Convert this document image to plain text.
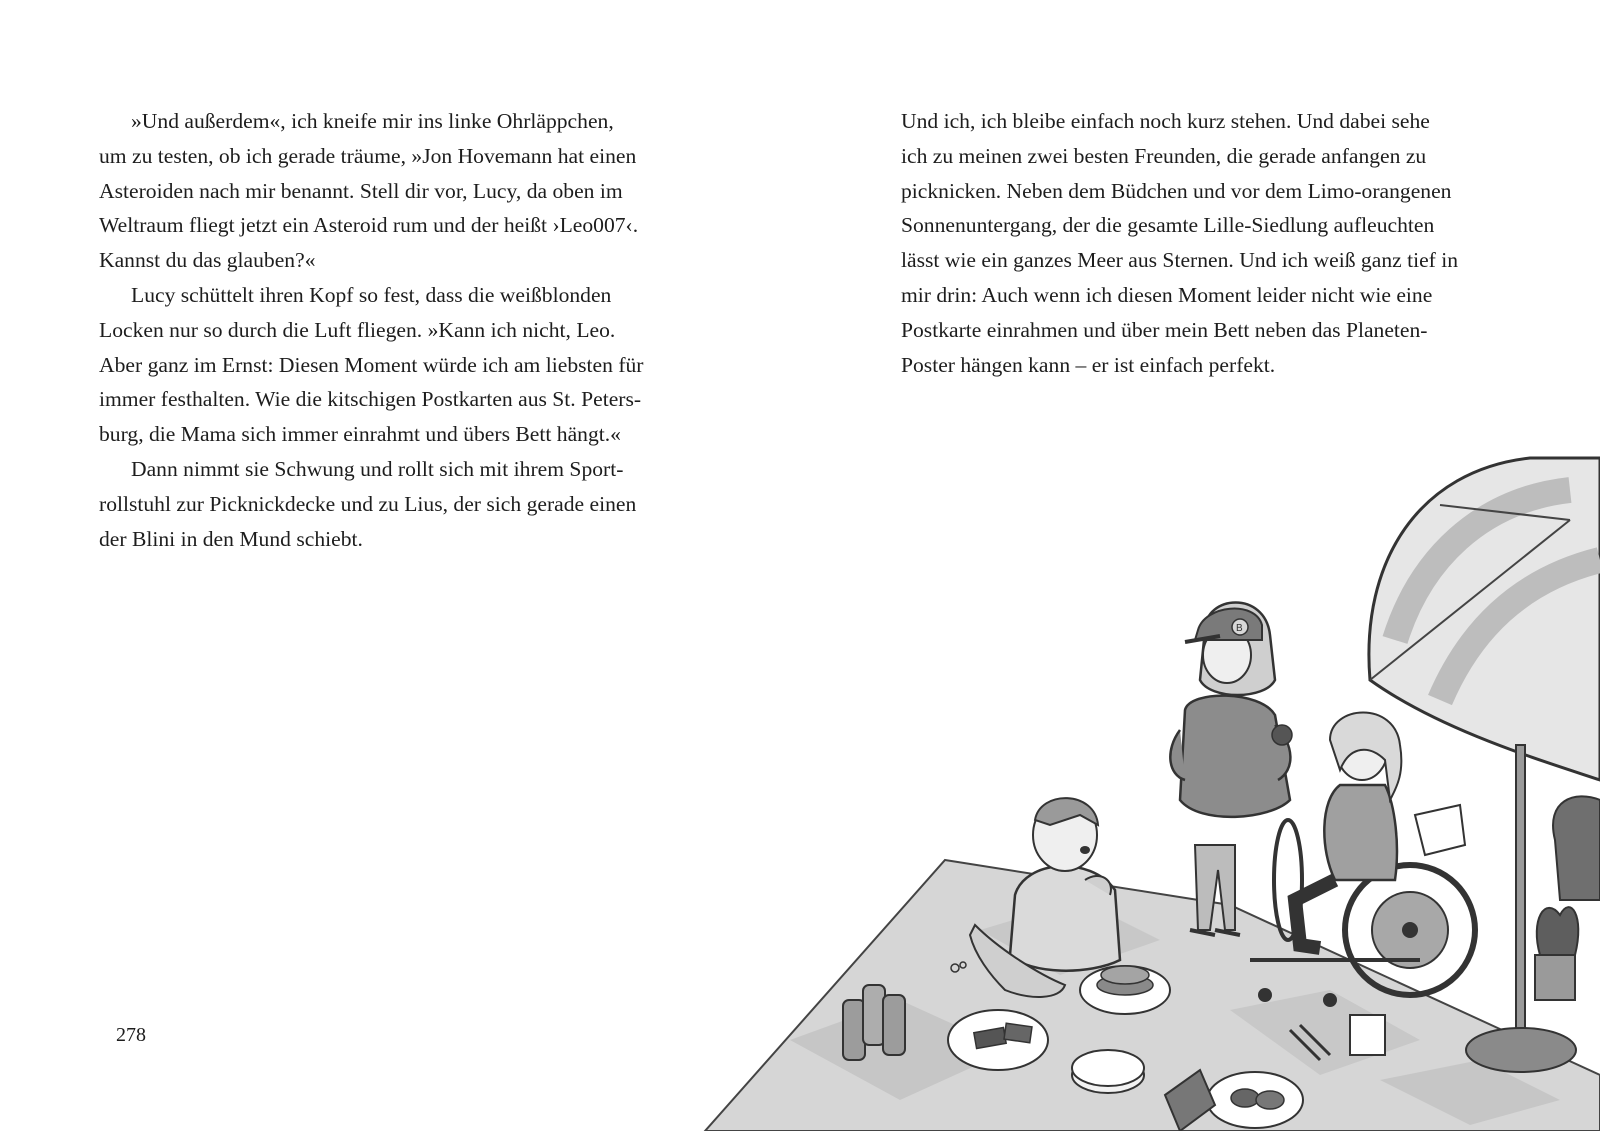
»Und außerdem«, ich kneife mir ins linke Ohrläppchen,
um zu testen, ob ich gerade träume, »Jon Hovemann hat einen
Asteroiden nach mir benannt. Stell dir vor, Lucy, da oben im
Weltraum fliegt jetzt ein Asteroid rum und der heißt ›Leo007‹.
Kannst du das glauben?«
Lucy schüttelt ihren Kopf so fest, dass die weißblonden
Locken nur so durch die Luft fliegen. »Kann ich nicht, Leo.
Aber ganz im Ernst: Diesen Moment würde ich am liebsten für
immer festhalten. Wie die kitschigen Postkarten aus St. Peters-
burg, die Mama sich immer einrahmt und übers Bett hängt.«
Dann nimmt sie Schwung und rollt sich mit ihrem Sport-
rollstuhl zur Picknickdecke und zu Lius, der sich gerade einen
der Blini in den Mund schiebt.
278
Und ich, ich bleibe einfach noch kurz stehen. Und dabei sehe
ich zu meinen zwei besten Freunden, die gerade anfangen zu
picknicken. Neben dem Büdchen und vor dem Limo-orangenen
Sonnenuntergang, der die gesamte Lille-Siedlung aufleuchten
lässt wie ein ganzes Meer aus Sternen. Und ich weiß ganz tief in
mir drin: Auch wenn ich diesen Moment leider nicht wie eine
Postkarte einrahmen und über mein Bett neben das Planeten-
Poster hängen kann – er ist einfach perfekt.
B
